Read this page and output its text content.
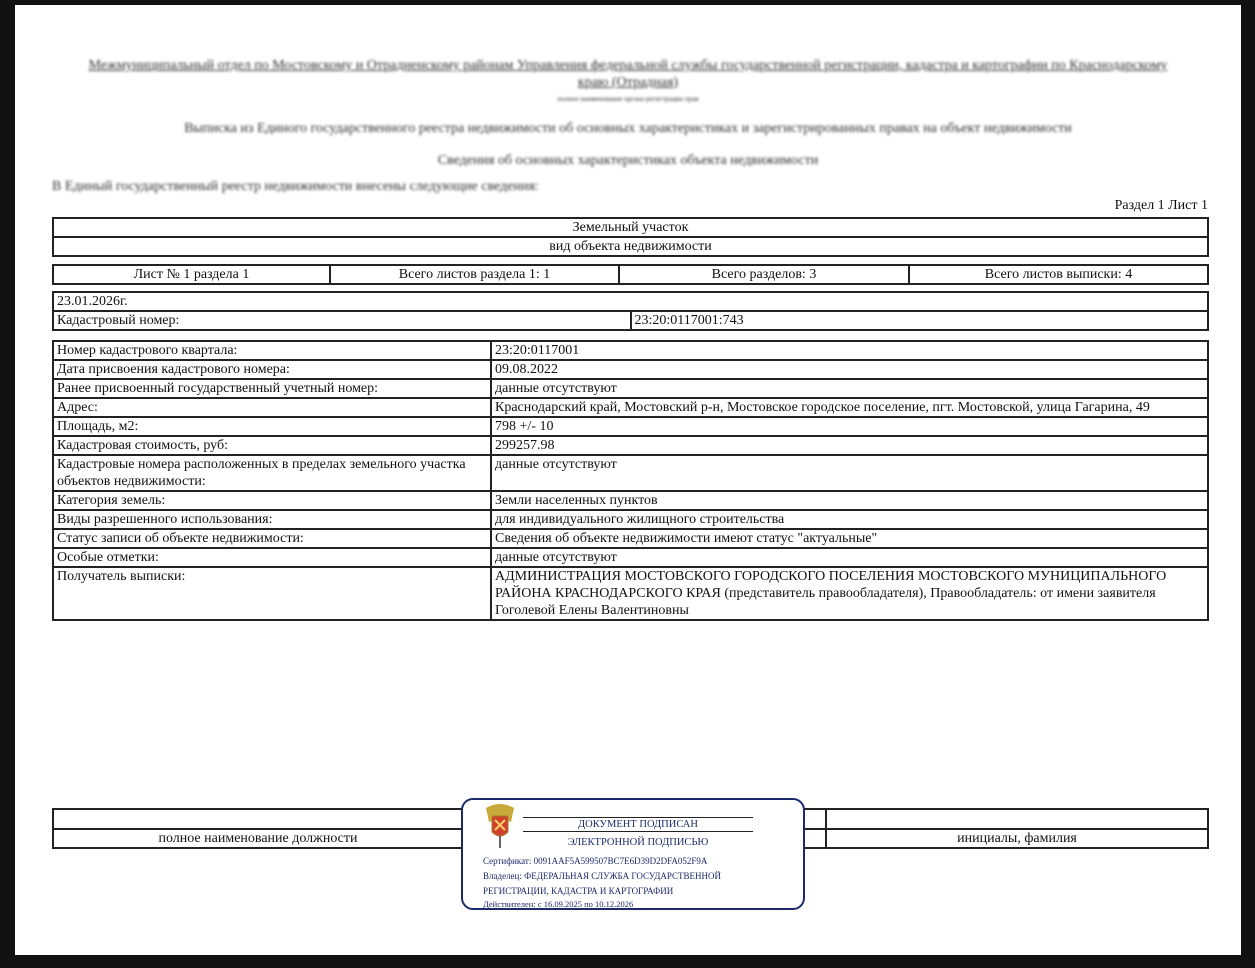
Межмуниципальный отдел по Мостовскому и Отрадненскому районам Управления федеральной службы государственной регистрации, кадастра и картографии по Краснодарскому краю (Отрадная)
полное наименование органа регистрации прав
Выписка из Единого государственного реестра недвижимости об основных характеристиках и зарегистрированных правах на объект недвижимости
Сведения об основных характеристиках объекта недвижимости
В Единый государственный реестр недвижимости внесены следующие сведения:
Раздел 1 Лист 1
Земельный участок
вид объекта недвижимости
Лист № 1 раздела 1	Всего листов раздела 1: 1	Всего разделов: 3	Всего листов выписки: 4
23.01.2026г.
Кадастровый номер:	23:20:0117001:743
Номер кадастрового квартала:	23:20:0117001
Дата присвоения кадастрового номера:	09.08.2022
Ранее присвоенный государственный учетный номер:	данные отсутствуют
Адрес:	Краснодарский край, Мостовский р-н, Мостовское городское поселение, пгт. Мостовской, улица Гагарина, 49
Площадь, м2:	798 +/- 10
Кадастровая стоимость, руб:	299257.98
Кадастровые номера расположенных в пределах земельного участка объектов недвижимости:	данные отсутствуют
Категория земель:	Земли населенных пунктов
Виды разрешенного использования:	для индивидуального жилищного строительства
Статус записи об объекте недвижимости:	Сведения об объекте недвижимости имеют статус "актуальные"
Особые отметки:	данные отсутствуют
Получатель выписки:	АДМИНИСТРАЦИЯ МОСТОВСКОГО ГОРОДСКОГО ПОСЕЛЕНИЯ МОСТОВСКОГО МУНИЦИПАЛЬНОГО РАЙОНА КРАСНОДАРСКОГО КРАЯ (представитель правообладателя), Правообладатель: от имени заявителя Гоголевой Елены Валентиновны

полное наименование должности		инициалы, фамилия
ДОКУМЕНТ ПОДПИСАН
ЭЛЕКТРОННОЙ ПОДПИСЬЮ
Сертификат: 0091AAF5A599507BC7E6D39D2DFA052F9A
Владелец: ФЕДЕРАЛЬНАЯ СЛУЖБА ГОСУДАРСТВЕННОЙ
РЕГИСТРАЦИИ, КАДАСТРА И КАРТОГРАФИИ
Действителен: с 16.09.2025 по 10.12.2026
